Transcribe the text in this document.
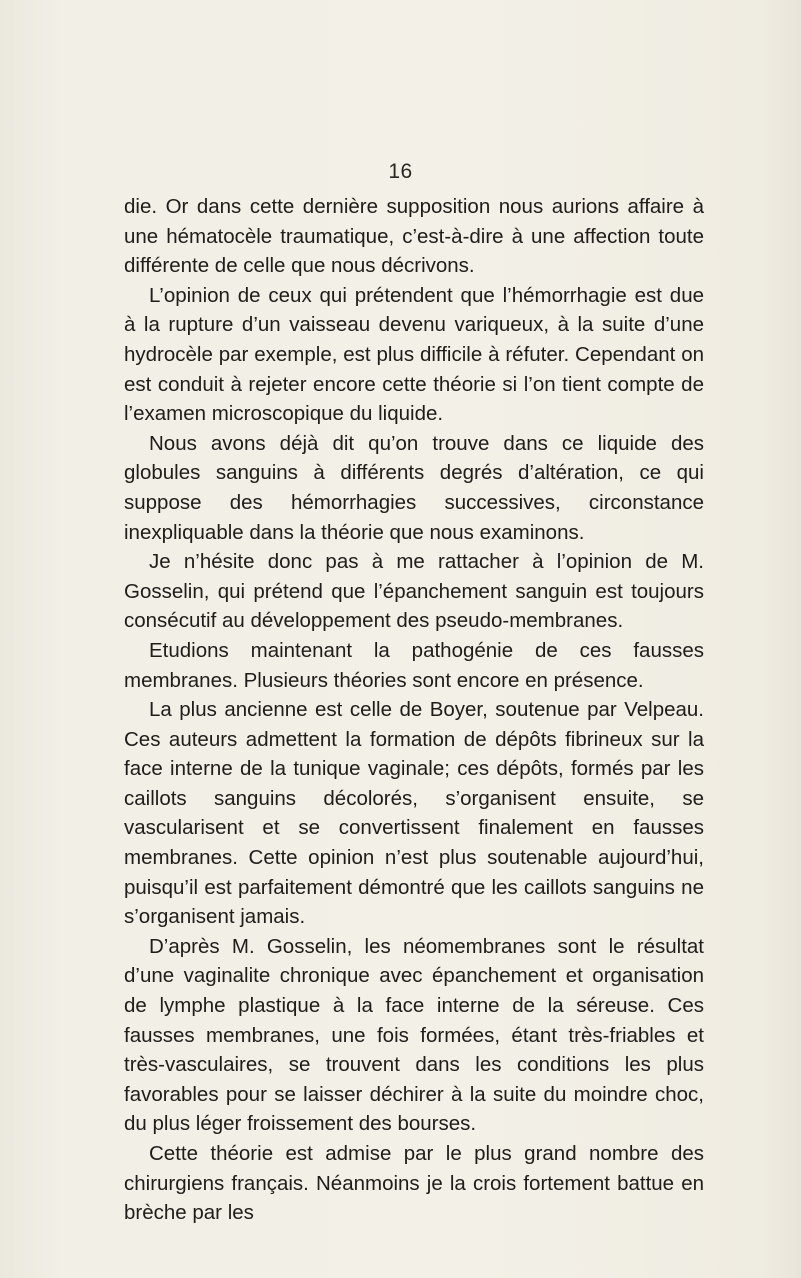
16

die. Or dans cette dernière supposition nous aurions affaire à une hématocèle traumatique, c’est-à-dire à une affection toute différente de celle que nous décrivons.

L’opinion de ceux qui prétendent que l’hémorrhagie est due à la rupture d’un vaisseau devenu variqueux, à la suite d’une hydrocèle par exemple, est plus difficile à réfuter. Cependant on est conduit à rejeter encore cette théorie si l’on tient compte de l’examen microscopique du liquide.

Nous avons déjà dit qu’on trouve dans ce liquide des globules sanguins à différents degrés d’altération, ce qui suppose des hémorrhagies successives, circonstance inexpliquable dans la théorie que nous examinons.

Je n’hésite donc pas à me rattacher à l’opinion de M. Gosselin, qui prétend que l’épanchement sanguin est toujours consécutif au développement des pseudo-membranes.

Etudions maintenant la pathogénie de ces fausses membranes. Plusieurs théories sont encore en présence.

La plus ancienne est celle de Boyer, soutenue par Velpeau. Ces auteurs admettent la formation de dépôts fibrineux sur la face interne de la tunique vaginale; ces dépôts, formés par les caillots sanguins décolorés, s’organisent ensuite, se vascularisent et se convertissent finalement en fausses membranes. Cette opinion n’est plus soutenable aujourd’hui, puisqu’il est parfaitement démontré que les caillots sanguins ne s’organisent jamais.

D’après M. Gosselin, les néomembranes sont le résultat d’une vaginalite chronique avec épanchement et organisation de lymphe plastique à la face interne de la séreuse. Ces fausses membranes, une fois formées, étant très-friables et très-vasculaires, se trouvent dans les conditions les plus favorables pour se laisser déchirer à la suite du moindre choc, du plus léger froissement des bourses.

Cette théorie est admise par le plus grand nombre des chirurgiens français. Néanmoins je la crois fortement battue en brèche par les
